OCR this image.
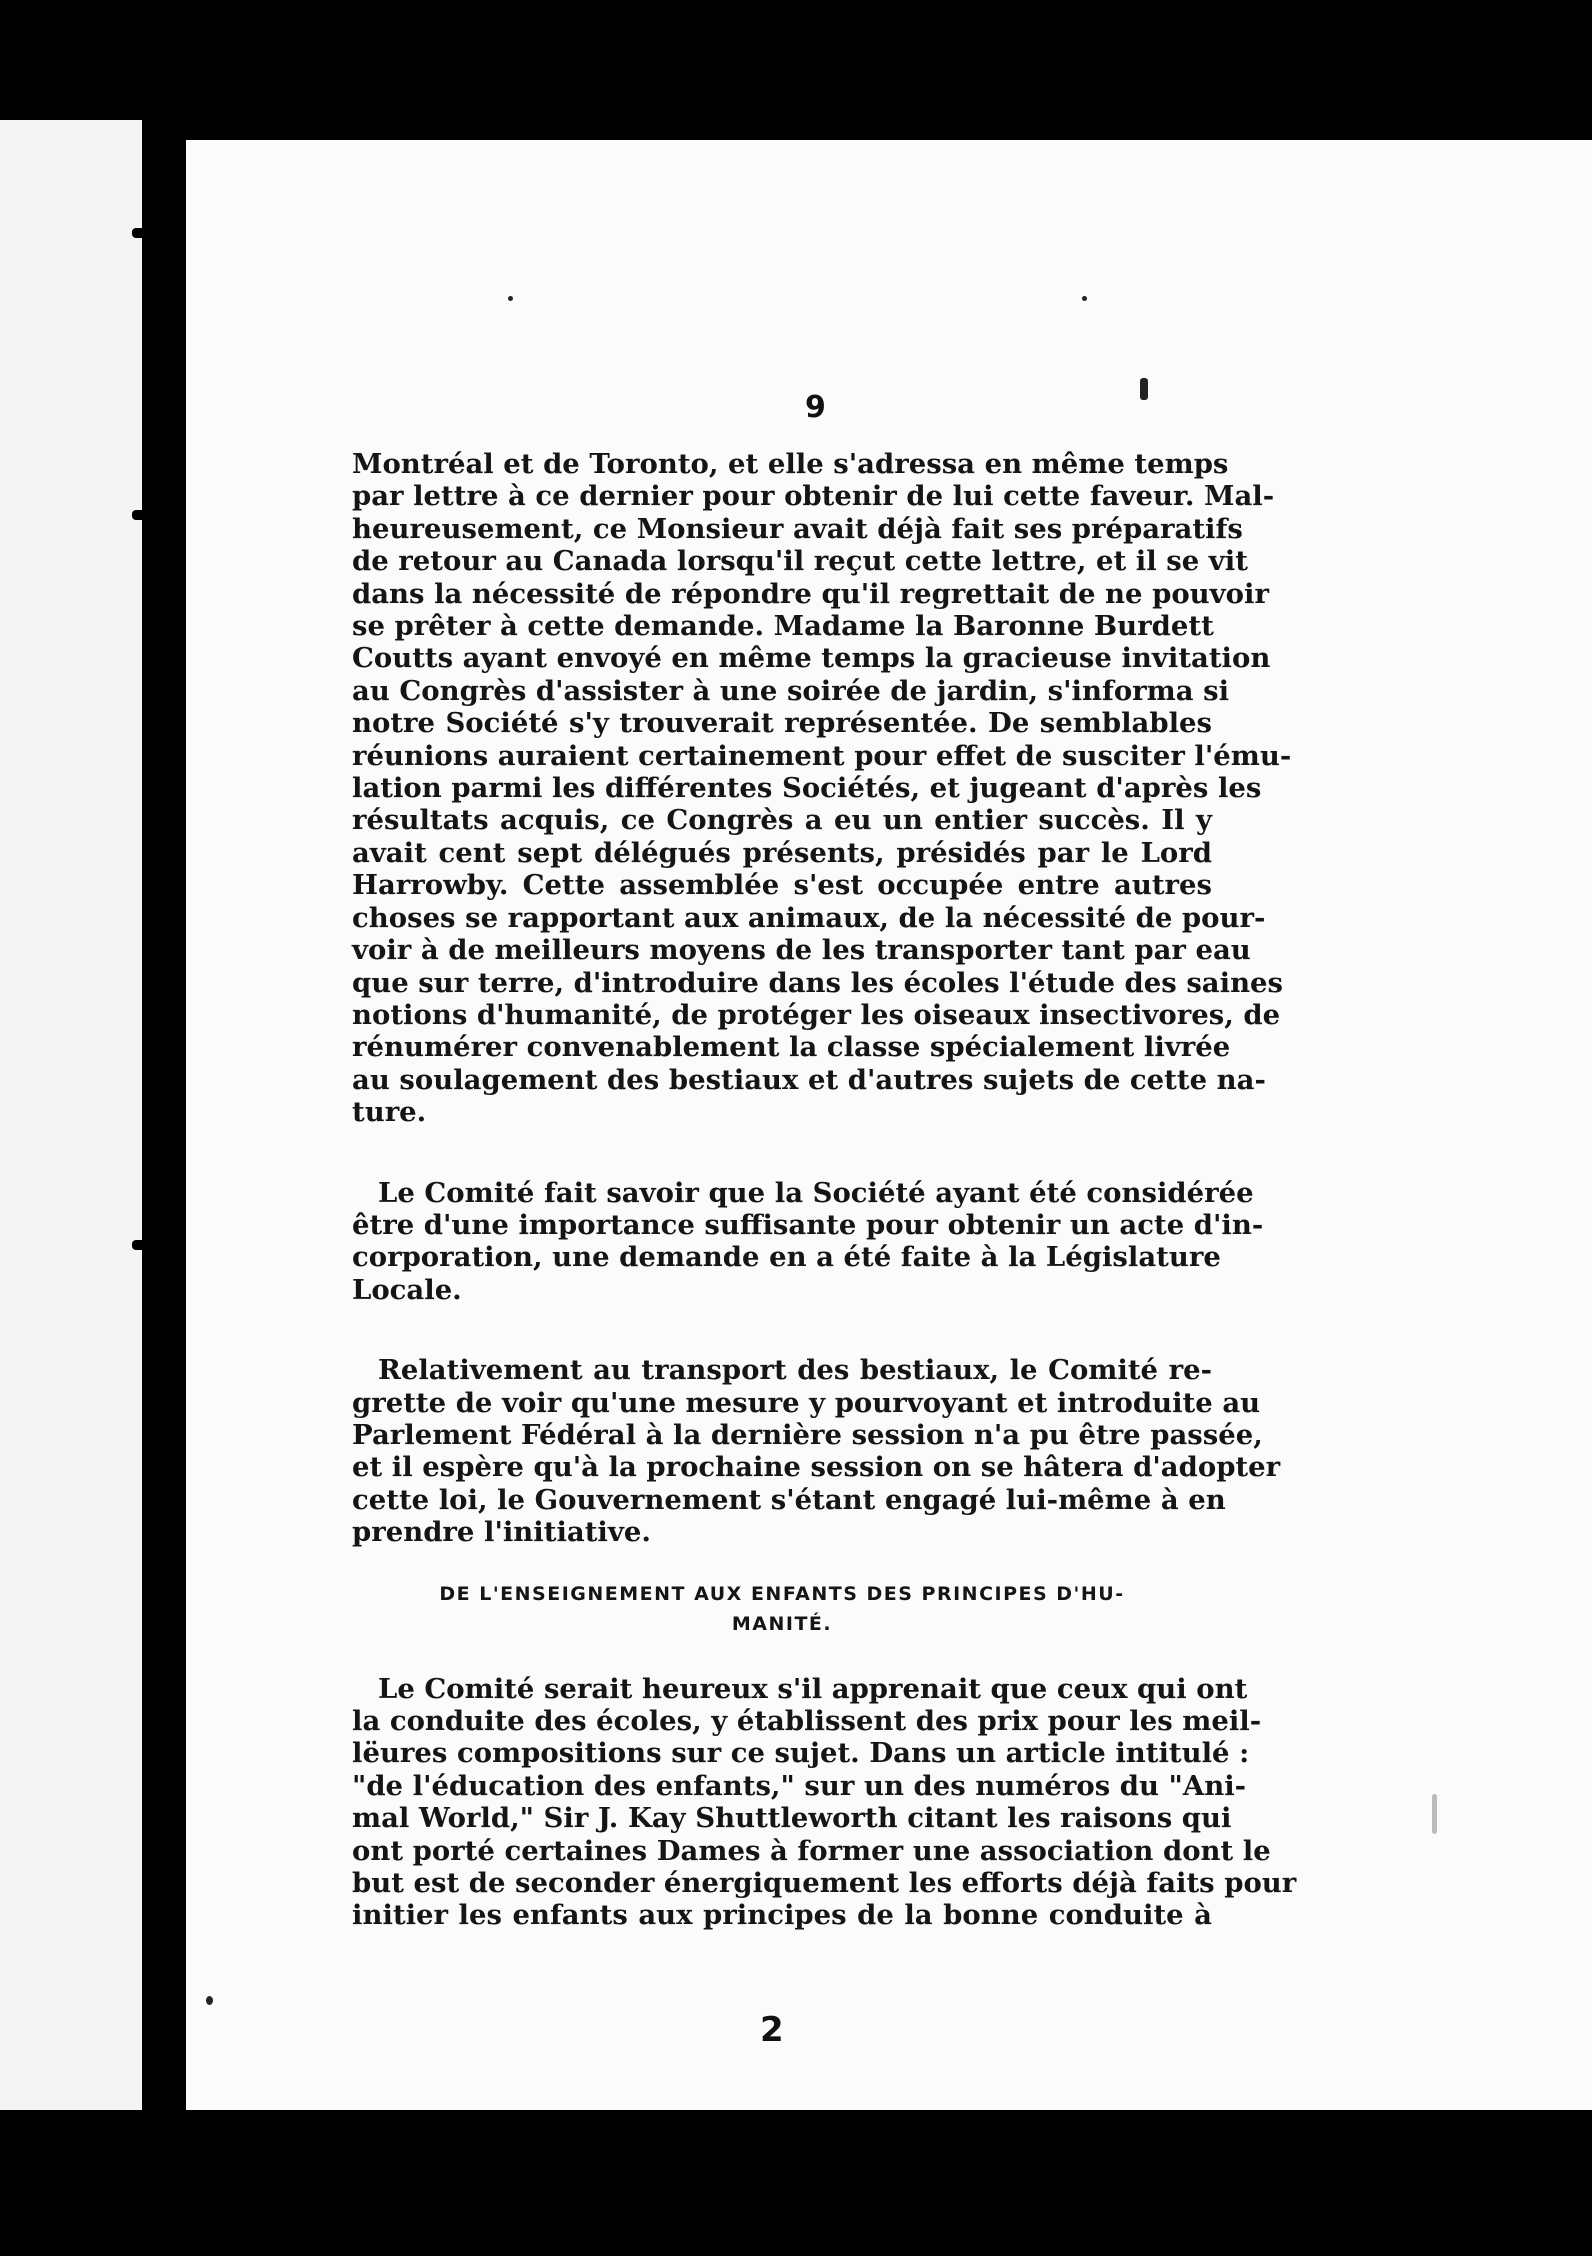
9
Montréal et de Toronto, et elle s'adressa en même temps
par lettre à ce dernier pour obtenir de lui cette faveur. Mal-
heureusement, ce Monsieur avait déjà fait ses préparatifs
de retour au Canada lorsqu'il reçut cette lettre, et il se vit
dans la nécessité de répondre qu'il regrettait de ne pouvoir
se prêter à cette demande. Madame la Baronne Burdett
Coutts ayant envoyé en même temps la gracieuse invitation
au Congrès d'assister à une soirée de jardin, s'informa si
notre Société s'y trouverait représentée. De semblables
réunions auraient certainement pour effet de susciter l'ému-
lation parmi les différentes Sociétés, et jugeant d'après les
résultats acquis, ce Congrès a eu un entier succès. Il y
avait cent sept délégués présents, présidés par le Lord
Harrowby. Cette assemblée s'est occupée entre autres
choses se rapportant aux animaux, de la nécessité de pour-
voir à de meilleurs moyens de les transporter tant par eau
que sur terre, d'introduire dans les écoles l'étude des saines
notions d'humanité, de protéger les oiseaux insectivores, de
rénumérer convenablement la classe spécialement livrée
au soulagement des bestiaux et d'autres sujets de cette na-
ture.
Le Comité fait savoir que la Société ayant été considérée
être d'une importance suffisante pour obtenir un acte d'in-
corporation, une demande en a été faite à la Législature
Locale.
Relativement au transport des bestiaux, le Comité re-
grette de voir qu'une mesure y pourvoyant et introduite au
Parlement Fédéral à la dernière session n'a pu être passée,
et il espère qu'à la prochaine session on se hâtera d'adopter
cette loi, le Gouvernement s'étant engagé lui-même à en
prendre l'initiative.
DE L'ENSEIGNEMENT AUX ENFANTS DES PRINCIPES D'HU-
MANITÉ.
Le Comité serait heureux s'il apprenait que ceux qui ont
la conduite des écoles, y établissent des prix pour les meil-
lëures compositions sur ce sujet. Dans un article intitulé :
"de l'éducation des enfants," sur un des numéros du "Ani-
mal World," Sir J. Kay Shuttleworth citant les raisons qui
ont porté certaines Dames à former une association dont le
but est de seconder énergiquement les efforts déjà faits pour
initier les enfants aux principes de la bonne conduite à
2
